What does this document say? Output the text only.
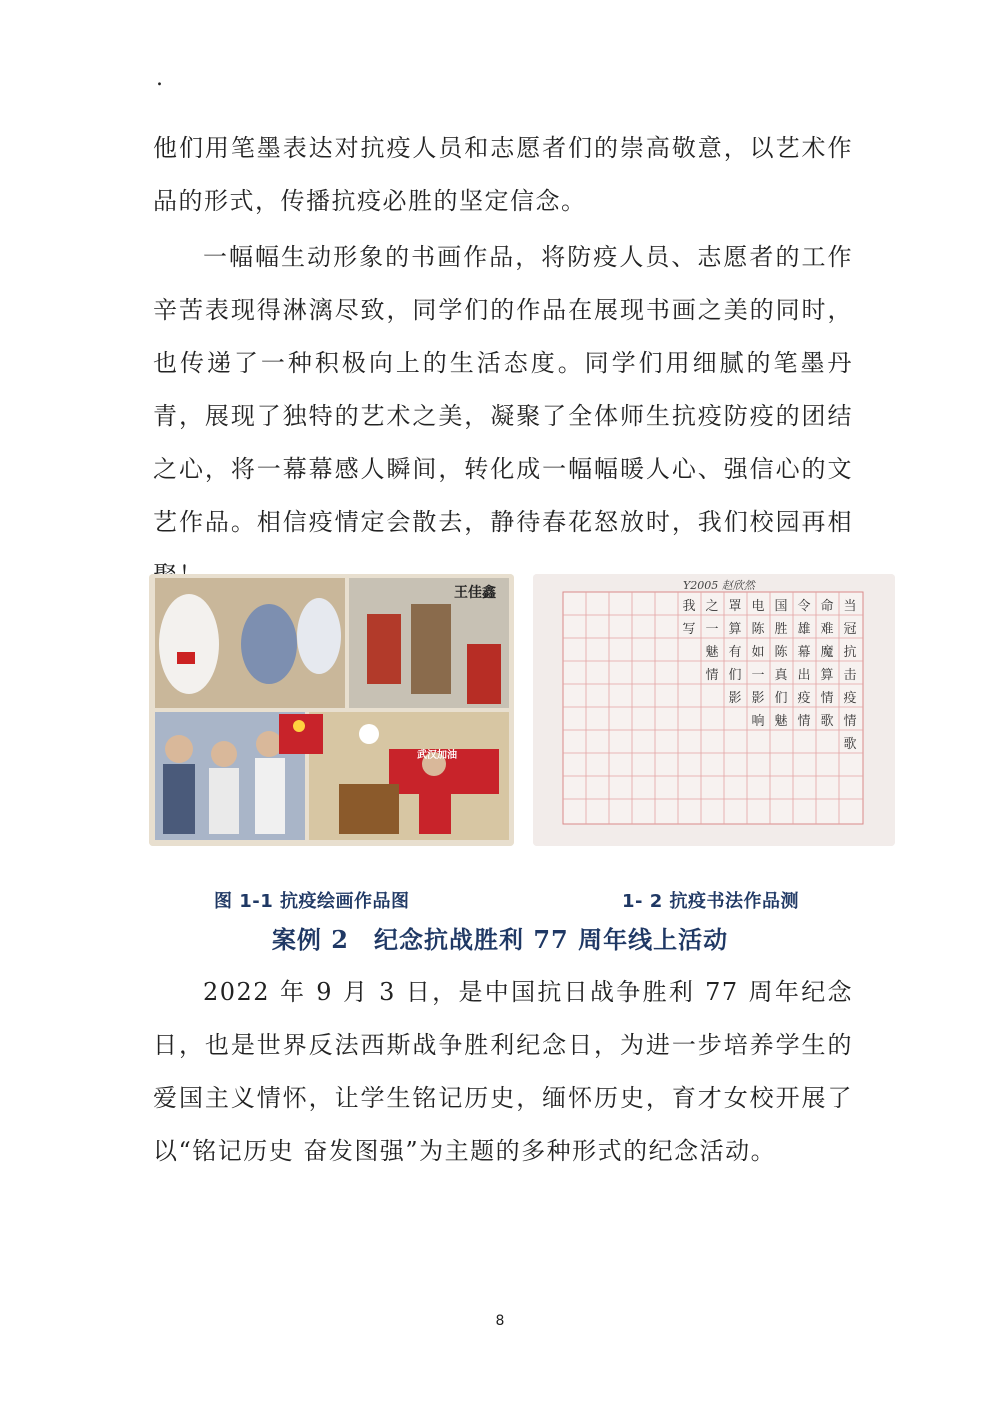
.

他们用笔墨表达对抗疫人员和志愿者们的崇高敬意，以艺术作品的形式，传播抗疫必胜的坚定信念。

一幅幅生动形象的书画作品，将防疫人员、志愿者的工作辛苦表现得淋漓尽致，同学们的作品在展现书画之美的同时，也传递了一种积极向上的生活态度。同学们用细腻的笔墨丹青，展现了独特的艺术之美，凝聚了全体师生抗疫防疫的团结之心，将一幕幕感人瞬间，转化成一幅幅暖人心、强信心的文艺作品。相信疫情定会散去，静待春花怒放时，我们校园再相

王佳鑫
武汉加油
Y2005 赵欣然
当
冠
抗
击
疫
情
歌
命
难
魔
算
情
歌
令
雄
幕
出
疫
情
国
胜
陈
真
们
魅
电
陈
如
一
影
响
罩
算
有
们
影
之
一
魅
情
我
写
图 1-1 抗疫绘画作品图	1- 2 抗疫书法作品测
案例 2　纪念抗战胜利 77 周年线上活动

2022 年 9 月 3 日，是中国抗日战争胜利 77 周年纪念日，也是世界反法西斯战争胜利纪念日，为进一步培养学生的爱国主义情怀，让学生铭记历史，缅怀历史，育才女校开展了以“铭记历史 奋发图强”为主题的多种形式的纪念活动。

8
